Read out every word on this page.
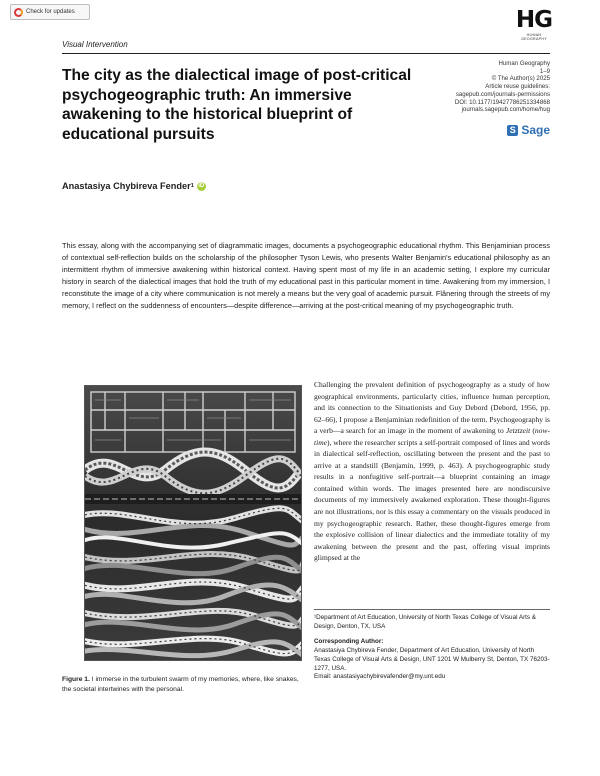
Check for updates
Visual Intervention
HG
HUMAN GEOGRAPHY
Human Geography
1–9
© The Author(s) 2025
Article reuse guidelines:
sagepub.com/journals-permissions
DOI: 10.1177/19427786251334868
journals.sagepub.com/home/hug
S Sage
The city as the dialectical image of post-critical psychogeographic truth: An immersive awakening to the historical blueprint of educational pursuits
Anastasiya Chybireva Fender 1 iD

This essay, along with the accompanying set of diagrammatic images, documents a psychogeographic educational rhythm. This Benjaminian process of contextual self-reflection builds on the scholarship of the philosopher Tyson Lewis, who presents Walter Benjamin's educational philosophy as an intermittent rhythm of immersive awakening within historical context. Having spent most of my life in an academic setting, I explore my curricular history in search of the dialectical images that hold the truth of my educational past in this particular moment in time. Awakening from my immersion, I reconstitute the image of a city where communication is not merely a means but the very goal of academic pursuit. Flânering through the streets of my memory, I reflect on the suddenness of encounters—despite difference—arriving at the post-critical meaning of my psychogeographic truth.

Figure 1. I immerse in the turbulent swarm of my memories, where, like snakes, the societal intertwines with the personal.

Challenging the prevalent definition of psychogeography as a study of how geographical environments, particularly cities, influence human perception, and its connection to the Situationists and Guy Debord (Debord, 1956, pp. 62–66), I propose a Benjaminian redefinition of the term. Psychogeography is a verb—a search for an image in the moment of awakening to Jetztzeit (now-time), where the researcher scripts a self-portrait composed of lines and words in dialectical self-reflection, oscillating between the present and the past to arrive at a standstill (Benjamin, 1999, p. 463). A psychogeographic study results in a nonfugitive self-portrait—a blueprint containing an image contained within words. The images presented here are nondiscursive documents of my immersively awakened exploration. These thought-figures are not illustrations, nor is this essay a commentary on the visuals produced in my psychogeographic research. Rather, these thought-figures emerge from the explosive collision of linear dialectics and the immediate totality of my awakening between the present and the past, offering visual imprints glimpsed at the

¹Department of Art Education, University of North Texas College of Visual Arts & Design, Denton, TX, USA
Corresponding Author:
Anastasiya Chybireva Fender, Department of Art Education, University of North Texas College of Visual Arts & Design, UNT 1201 W Mulberry St, Denton, TX 76203-1277, USA.
Email: anastasiyachybirevafender@my.unt.edu
